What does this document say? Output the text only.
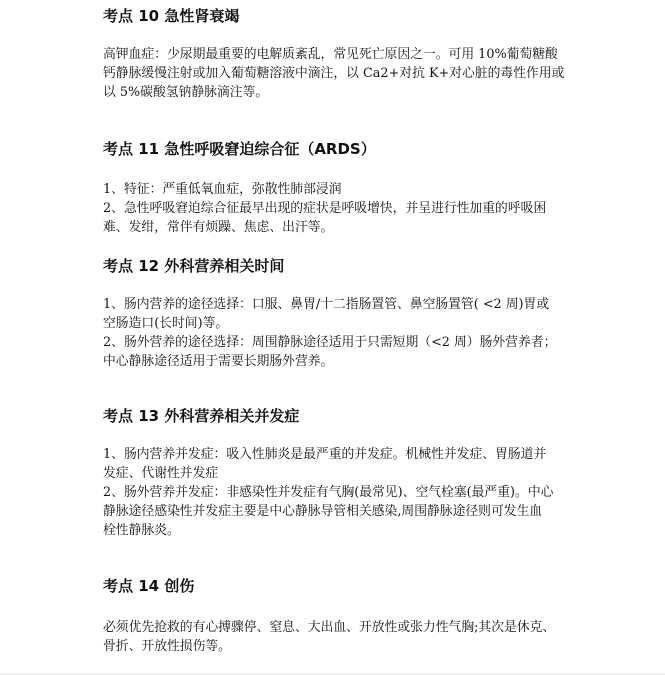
考点 10 急性肾衰竭
高钾血症：少尿期最重要的电解质紊乱，常见死亡原因之一。可用 10%葡萄糖酸
钙静脉缓慢注射或加入葡萄糖溶液中滴注，以 Ca2+对抗 K+对心脏的毒性作用或
以 5%碳酸氢钠静脉滴注等。
考点 11 急性呼吸窘迫综合征（ARDS）
1、特征：严重低氧血症，弥散性肺部浸润
2、急性呼吸窘迫综合征最早出现的症状是呼吸增快，并呈进行性加重的呼吸困
难、发绀，常伴有烦躁、焦虑、出汗等。
考点 12 外科营养相关时间
1、肠内营养的途径选择：口服、鼻胃/十二指肠置管、鼻空肠置管( <2 周)胃或
空肠造口(长时间)等。
2、肠外营养的途径选择：周围静脉途径适用于只需短期（<2 周）肠外营养者；
中心静脉途径适用于需要长期肠外营养。
考点 13 外科营养相关并发症
1、肠内营养并发症：吸入性肺炎是最严重的并发症。机械性并发症、胃肠道并
发症、代谢性并发症
2、肠外营养并发症：非感染性并发症有气胸(最常见)、空气栓塞(最严重)。中心
静脉途径感染性并发症主要是中心静脉导管相关感染,周围静脉途径则可发生血
栓性静脉炎。
考点 14 创伤
必须优先抢救的有心搏骤停、窒息、大出血、开放性或张力性气胸;其次是休克、
骨折、开放性损伤等。
